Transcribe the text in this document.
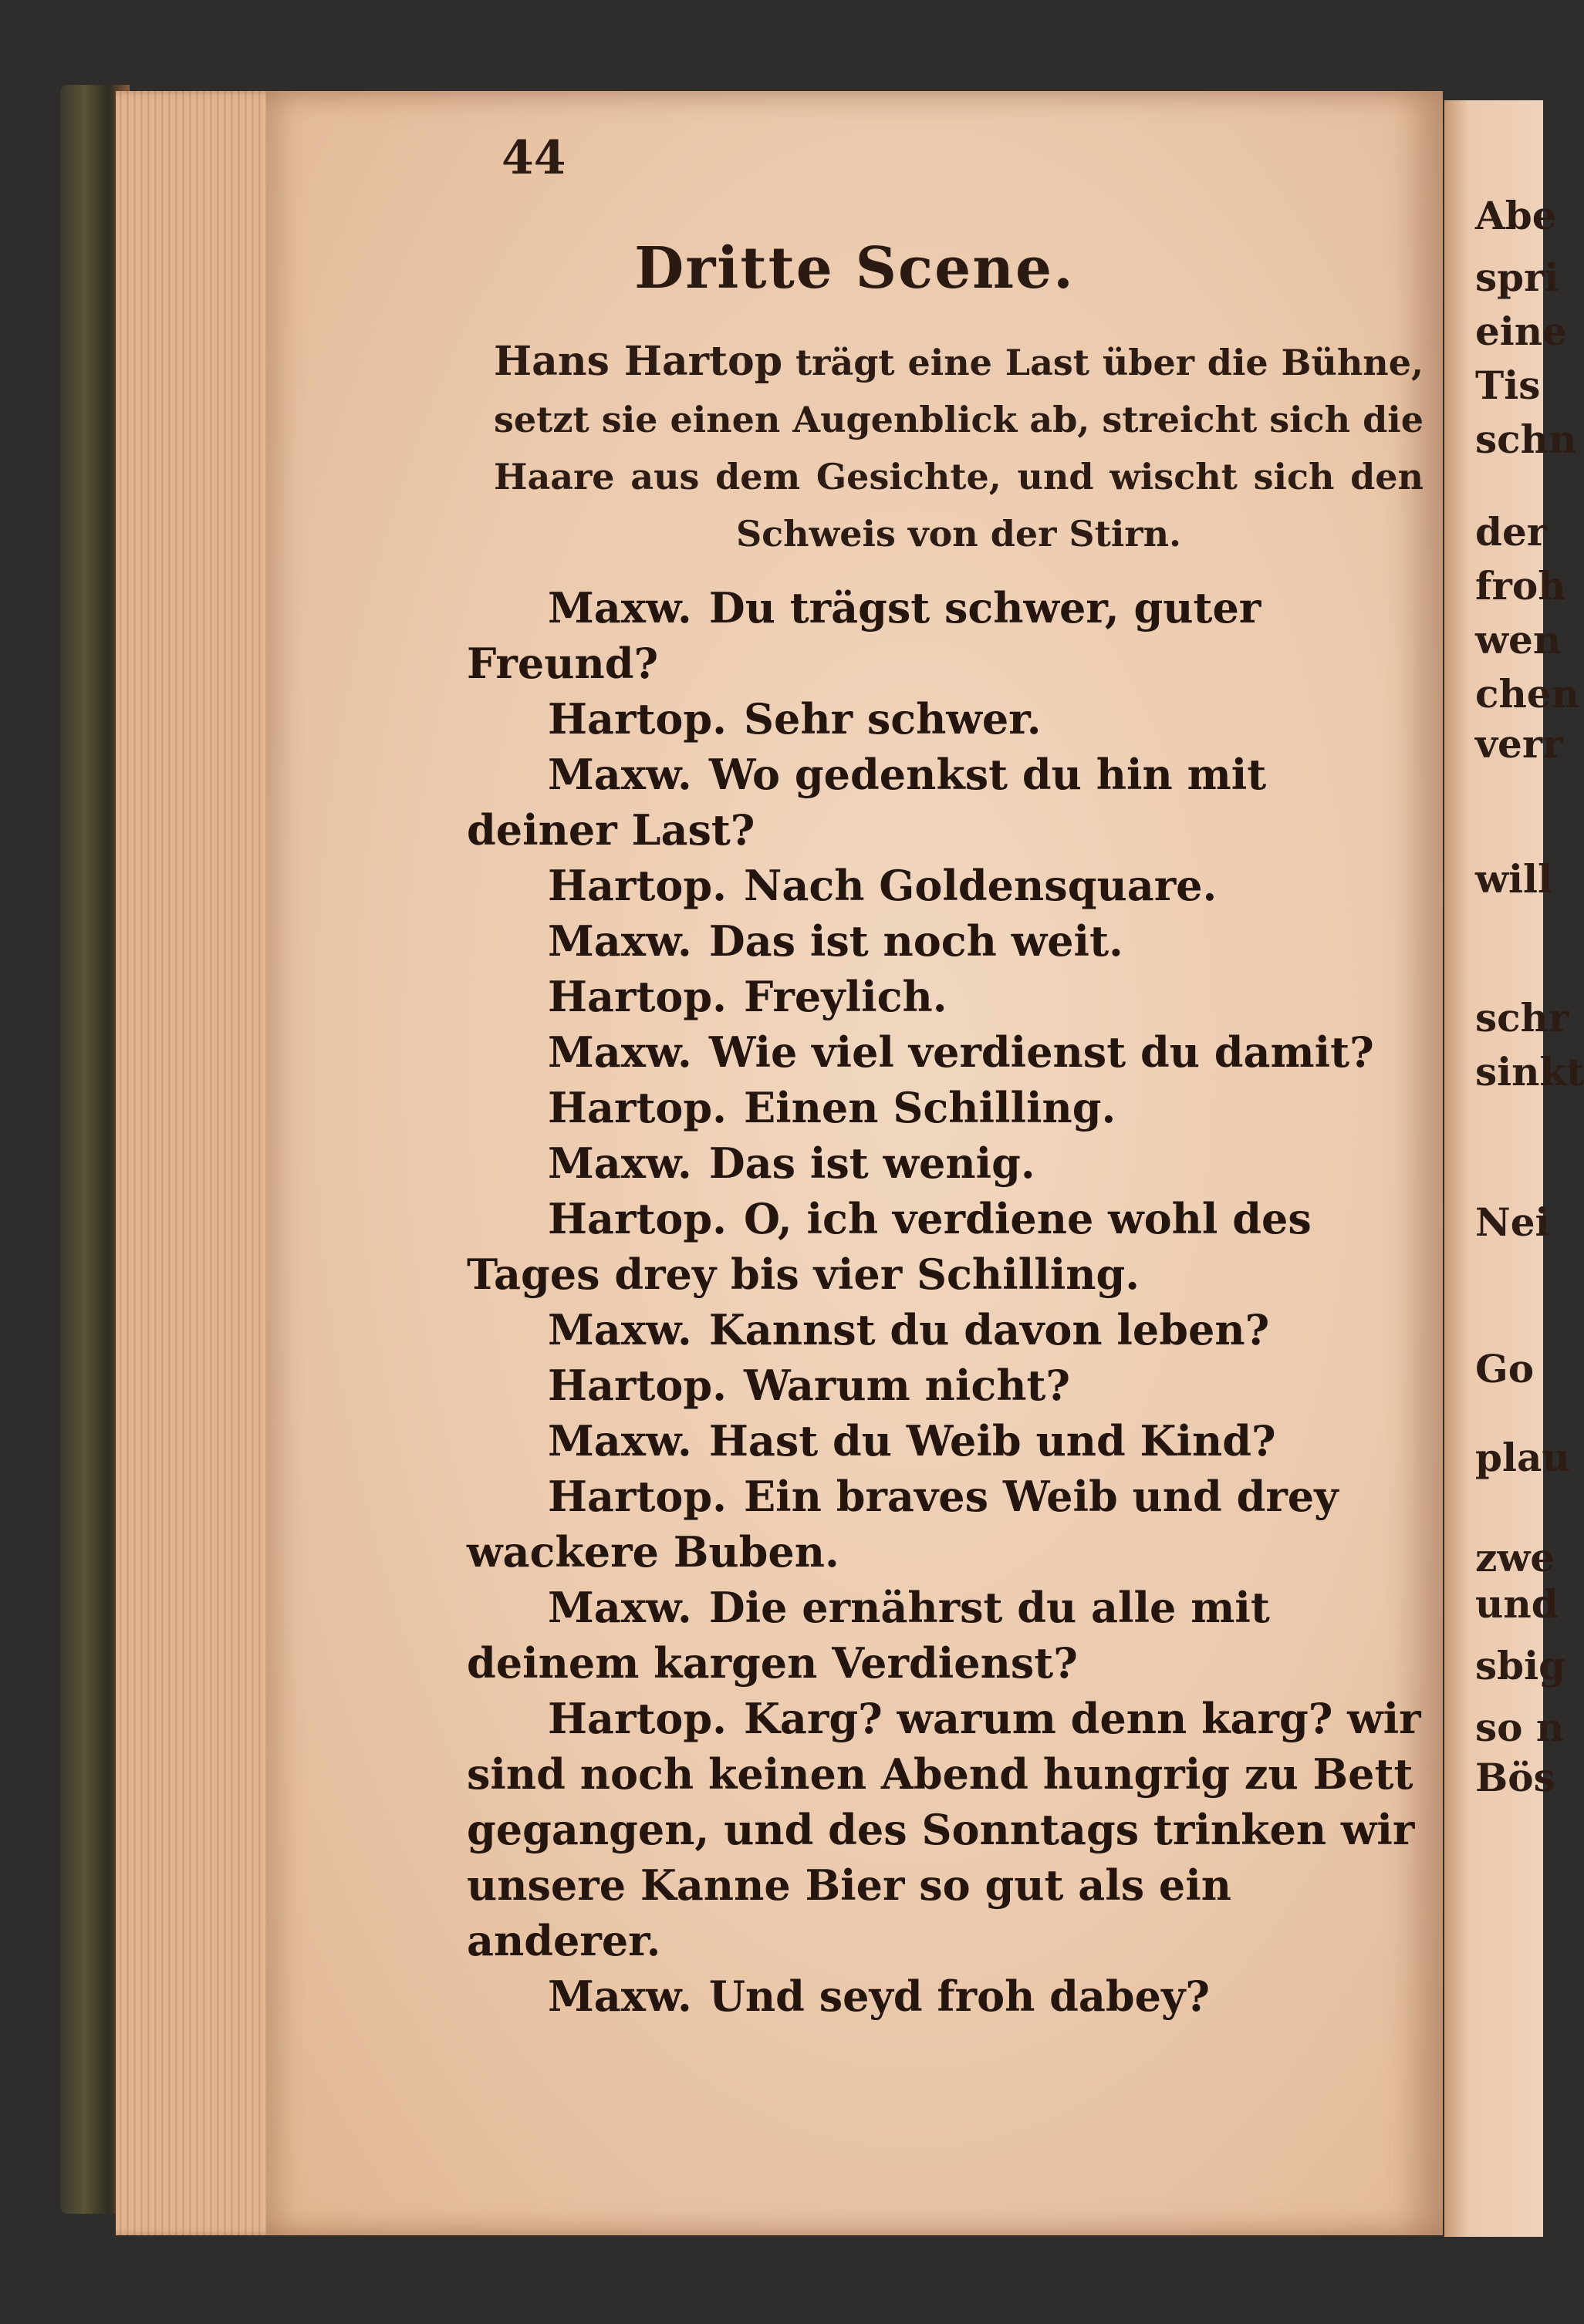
Abe
spri
eine
Tis
schn
der
froh
wen
chen
verr
will
schr
sinkt
Nei
Go
plau
zwe
und
sbig
so n
Bös
44
Dritte Scene.
Hans Hartop trägt eine Last über die Bühne, setzt sie einen Augenblick ab, streicht sich die Haare aus dem Gesichte, und wischt sich den Schweis von der Stirn.

Maxw. Du trägst schwer, guter Freund?

Hartop. Sehr schwer.

Maxw. Wo gedenkst du hin mit deiner Last?

Hartop. Nach Goldensquare.

Maxw. Das ist noch weit.

Hartop. Freylich.

Maxw. Wie viel verdienst du damit?

Hartop. Einen Schilling.

Maxw. Das ist wenig.

Hartop. O, ich verdiene wohl des Tages drey bis vier Schilling.

Maxw. Kannst du davon leben?

Hartop. Warum nicht?

Maxw. Hast du Weib und Kind?

Hartop. Ein braves Weib und drey wackere Buben.

Maxw. Die ernährst du alle mit deinem kargen Verdienst?

Hartop. Karg? warum denn karg? wir sind noch keinen Abend hungrig zu Bett gegangen, und des Sonntags trinken wir unsere Kanne Bier so gut als ein anderer.

Maxw. Und seyd froh dabey?
